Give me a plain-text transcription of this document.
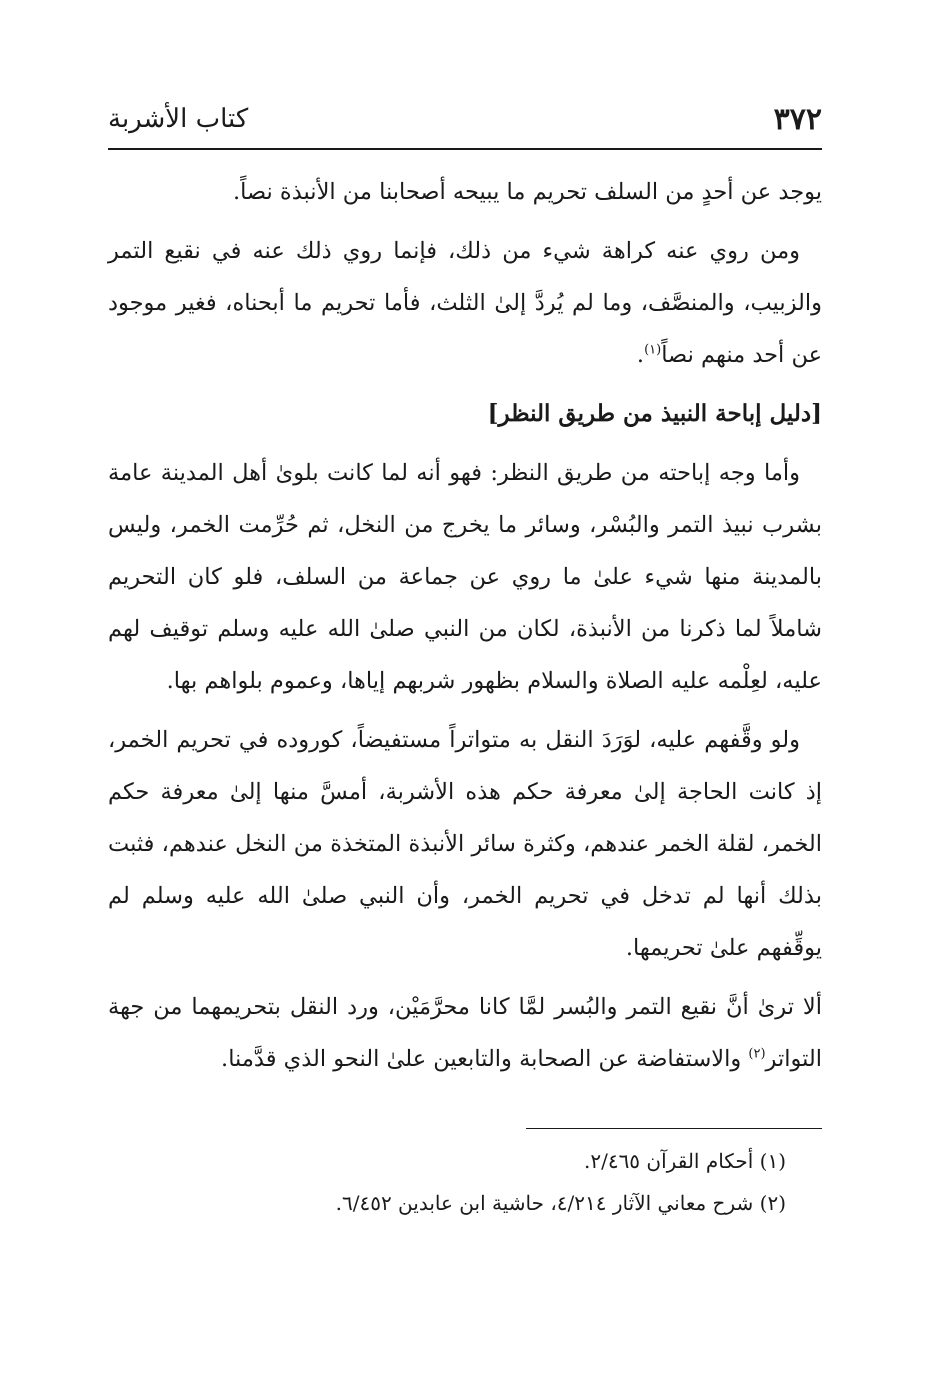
٣٧٢
كتاب الأشربة

يوجد عن أحدٍ من السلف تحريم ما يبيحه أصحابنا من الأنبذة نصاً.

ومن روي عنه كراهة شيء من ذلك، فإنما روي ذلك عنه في نقيع التمر والزبيب، والمنصَّف، وما لم يُردَّ إلىٰ الثلث، فأما تحريم ما أبحناه، فغير موجود عن أحد منهم نصاً$^{(١)}$.

[دليل إباحة النبيذ من طريق النظر]

وأما وجه إباحته من طريق النظر: فهو أنه لما كانت بلوىٰ أهل المدينة عامة بشرب نبيذ التمر والبُسْر، وسائر ما يخرج من النخل، ثم حُرِّمت الخمر، وليس بالمدينة منها شيء علىٰ ما روي عن جماعة من السلف، فلو كان التحريم شاملاً لما ذكرنا من الأنبذة، لكان من النبي صلىٰ الله عليه وسلم توقيف لهم عليه، لعِلْمه عليه الصلاة والسلام بظهور شربهم إياها، وعموم بلواهم بها.

ولو وقَّفهم عليه، لوَرَدَ النقل به متواتراً مستفيضاً، كوروده في تحريم الخمر، إذ كانت الحاجة إلىٰ معرفة حكم هذه الأشربة، أمسَّ منها إلىٰ معرفة حكم الخمر، لقلة الخمر عندهم، وكثرة سائر الأنبذة المتخذة من النخل عندهم، فثبت بذلك أنها لم تدخل في تحريم الخمر، وأن النبي صلىٰ الله عليه وسلم لم يوقِّفهم علىٰ تحريمها.

ألا ترىٰ أنَّ نقيع التمر والبُسر لمَّا كانا محرَّمَيْن، ورد النقل بتحريمهما من جهة التواتر$^{(٢)}$ والاستفاضة عن الصحابة والتابعين علىٰ النحو الذي قدَّمنا.

(١) أحكام القرآن ٢/٤٦٥.

(٢) شرح معاني الآثار ٤/٢١٤، حاشية ابن عابدين ٦/٤٥٢.
